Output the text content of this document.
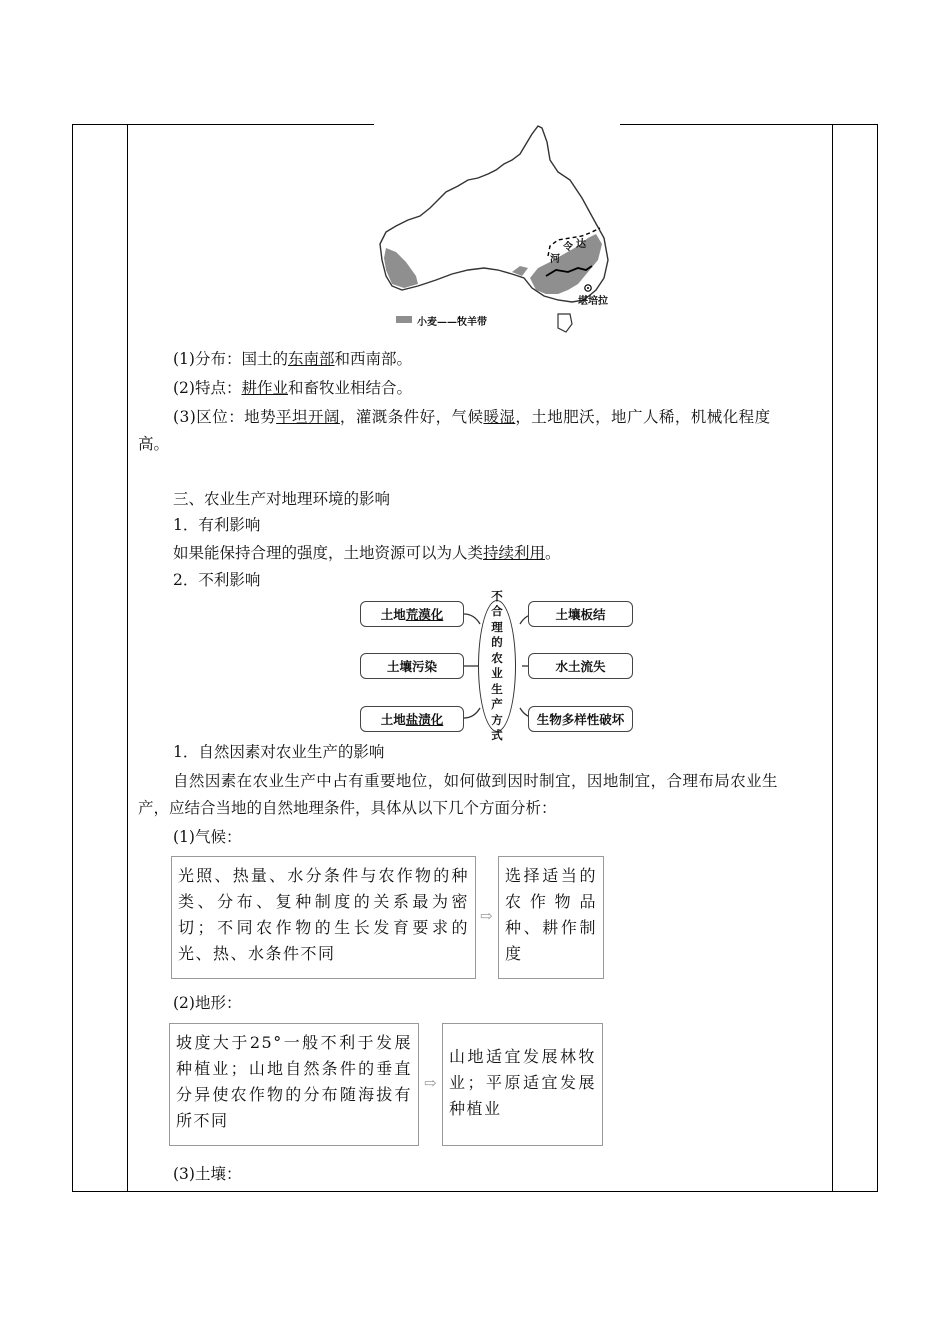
河
令 达
堪培拉
小麦——牧羊带
(1)分布：国土的东南部和西南部。
(2)特点：耕作业和畜牧业相结合。
(3)区位：地势平坦开阔，灌溉条件好，气候暖湿，土地肥沃，地广人稀，机械化程度
高。
三、农业生产对地理环境的影响
1．有利影响
如果能保持合理的强度，土地资源可以为人类持续利用。
2．不利影响
土地 荒漠化
土壤污染
土地 盐渍化
不合理的农业生产方式
土壤板结
水土流失
生物多样性破坏
1．自然因素对农业生产的影响
自然因素在农业生产中占有重要地位，如何做到因时制宜，因地制宜，合理布局农业生
产，应结合当地的自然地理条件，具体从以下几个方面分析：
(1)气候：
光照、热量、水分条件与农作物的种类、分布、复种制度的关系最为密切；不同农作物的生长发育要求的光、热、水条件不同
⇨
选择适当的农作物品种、耕作制度
(2)地形：
坡度大于25°一般不利于发展种植业；山地自然条件的垂直分异使农作物的分布随海拔有所不同
⇨
山地适宜发展林牧业；平原适宜发展种植业
(3)土壤：
